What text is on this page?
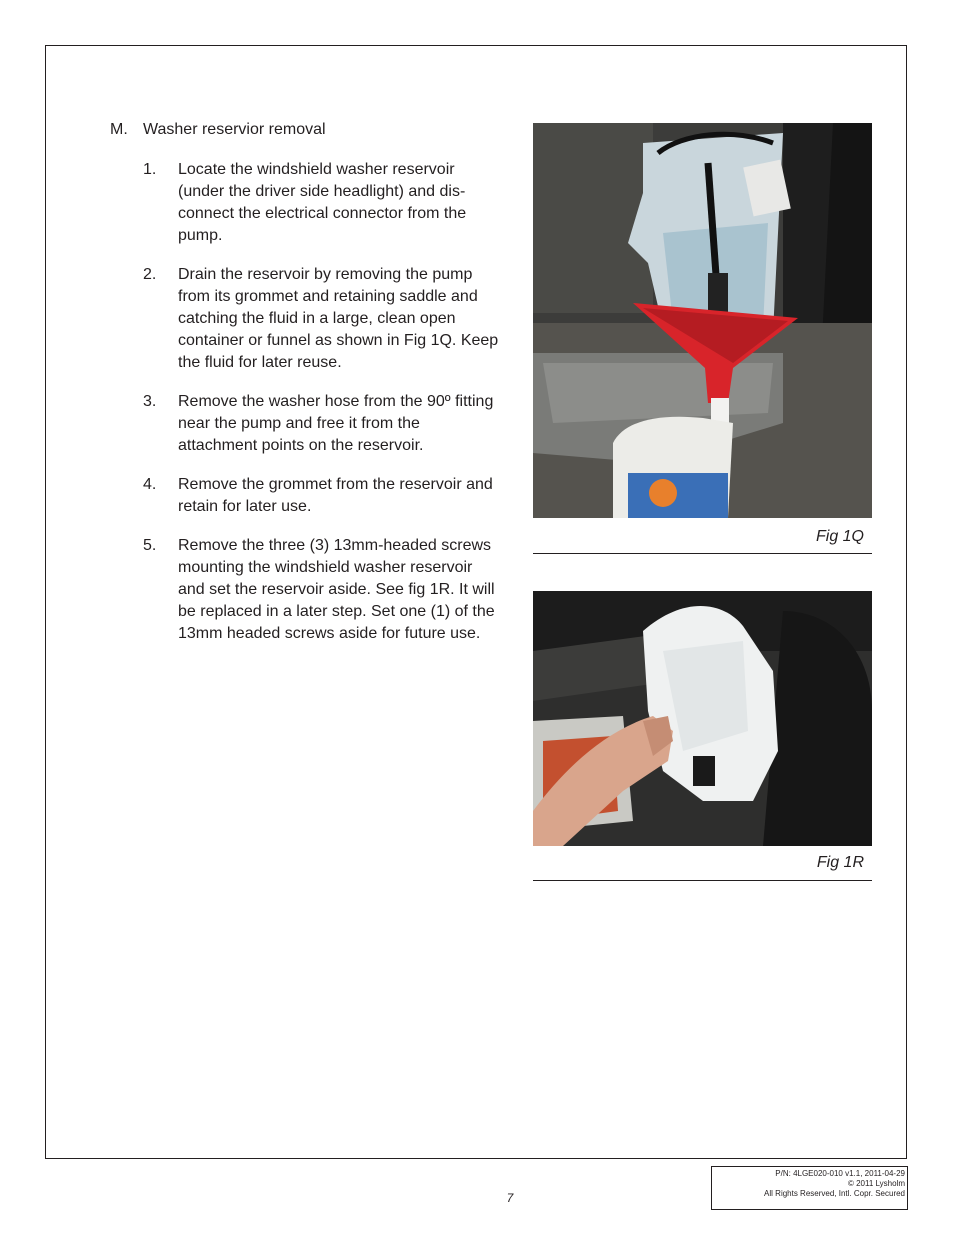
M. Washer reservior removal
1.	Locate the windshield washer reservoir (under the driver side headlight) and dis-connect the electrical connector from the pump.
2.	Drain the reservoir by removing the pump from its grommet and retaining saddle and catching the fluid in a large, clean open container or funnel as shown in Fig 1Q. Keep the fluid for later reuse.
3.	Remove the washer hose from the 90º fitting near the pump and free it from the attachment points on the reservoir.
4.	Remove the grommet from the reservoir and retain for later use.
5.	Remove the three (3) 13mm-headed screws mounting the windshield washer reservoir and set the reservoir aside. See fig 1R. It will be replaced in a later step. Set one (1) of the 13mm headed screws aside for future use.
Fig 1Q
Fig 1R
7
P/N: 4LGE020-010 v1.1, 2011-04-29
© 2011 Lysholm
All Rights Reserved, Intl. Copr. Secured
